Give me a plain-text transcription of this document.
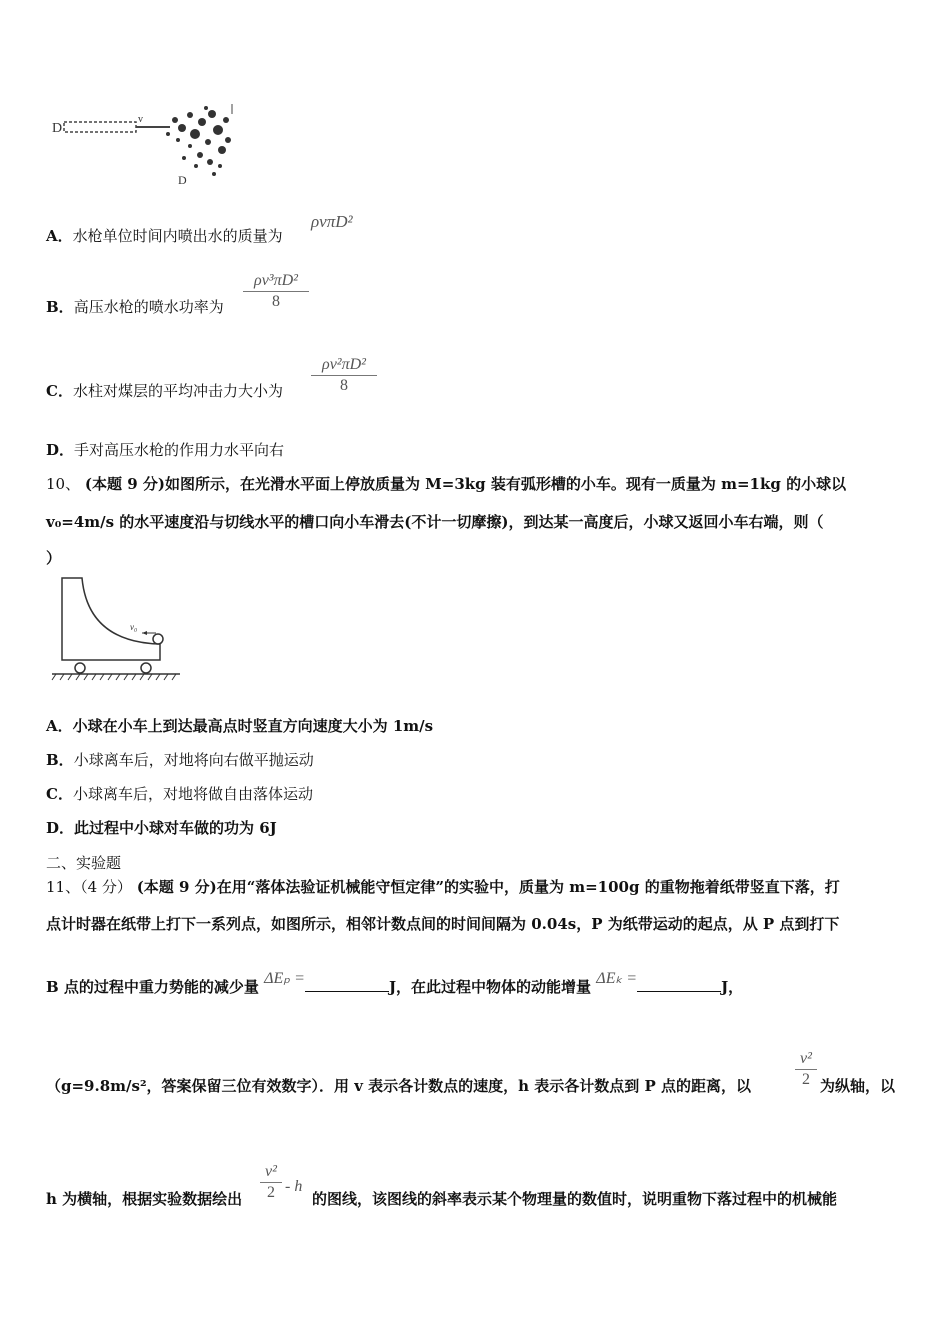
D
v
D
A．水枪单位时间内喷出水的质量为
ρvπD²
B．高压水枪的喷水功率为
ρv³πD²
8
C．水柱对煤层的平均冲击力大小为
ρv²πD²
8
D．手对高压水枪的作用力水平向右
10、 (本题 9 分)如图所示，在光滑水平面上停放质量为 M=3kg 装有弧形槽的小车。现有一质量为 m=1kg 的小球以
v₀=4m/s 的水平速度沿与切线水平的槽口向小车滑去(不计一切摩擦)，到达某一高度后，小球又返回小车右端，则（
）
v₀
A．小球在小车上到达最高点时竖直方向速度大小为 1m/s
B．小球离车后，对地将向右做平抛运动
C．小球离车后，对地将做自由落体运动
D．此过程中小球对车做的功为 6J
二、实验题
11、（4 分） (本题 9 分)在用“落体法验证机械能守恒定律”的实验中，质量为 m=100g 的重物拖着纸带竖直下落，打
点计时器在纸带上打下一系列点，如图所示，相邻计数点间的时间间隔为 0.04s，P 为纸带运动的起点，从 P 点到打下
B 点的过程中重力势能的减少量 ΔEₚ =	J，在此过程中物体的动能增量 ΔEₖ =	J，
（g=9.8m/s²，答案保留三位有效数字）．用 v 表示各计数点的速度，h 表示各计数点到 P 点的距离，以
v²
2 为纵轴，以
h 为横轴，根据实验数据绘出
v²
2 - h
的图线，该图线的斜率表示某个物理量的数值时，说明重物下落过程中的机械能
